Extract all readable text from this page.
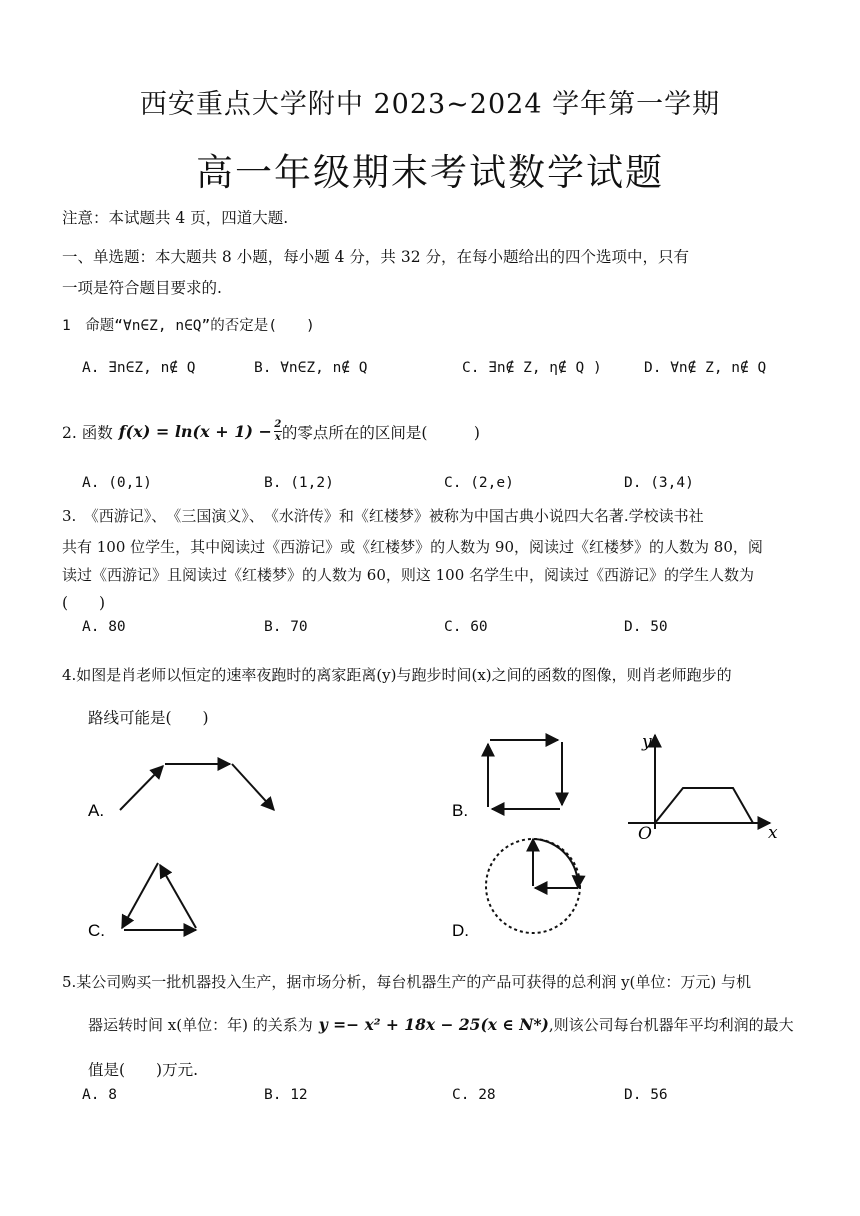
西安重点大学附中 2023~2024 学年第一学期
高一年级期末考试数学试题
注意：本试题共 4 页，四道大题.
一、单选题：本大题共 8 小题，每小题 4 分，共 32 分，在每小题给出的四个选项中，只有
一项是符合题目要求的.
1　命题“∀n∈Z, n∈Q”的否定是(　　)
A. ∃n∈Z, n∉ Q	B. ∀n∈Z, n∉ Q	C. ∃n∉ Z, η∉ Q )	D. ∀n∉ Z, n∉ Q
2. 函数 $f(x) = \ln(x + 1) - \frac{2}{x}$ 的零点所在的区间是(　　　)
A. (0,1)	B. (1,2)	C. (2,e)	D. (3,4)
3.　《西游记》、　《三国演义》、　《水浒传》和《红楼梦》被称为中国古典小说四大名著.学校读书社
共有 100 位学生，其中阅读过《西游记》或《红楼梦》的人数为 90，阅读过《红楼梦》的人数为 80，阅
读过《西游记》且阅读过《红楼梦》的人数为 60，则这 100 名学生中，阅读过《西游记》的学生人数为
(　　)
A. 80	B. 70	C. 60	D. 50
4.如图是肖老师以恒定的速率夜跑时的离家距离(y)与跑步时间(x)之间的函数的图像，则肖老师跑步的
路线可能是(　　)
A.	B.
y
x
O
C.	D.
5.某公司购买一批机器投入生产，据市场分析，每台机器生产的产品可获得的总利润 y(单位：万元) 与机
器运转时间 x(单位：年) 的关系为 y =− x² + 18x − 25(x ∈ N*) ,则该公司每台机器年平均利润的最大
值是(　　)万元.
A. 8	B. 12	C. 28	D. 56
